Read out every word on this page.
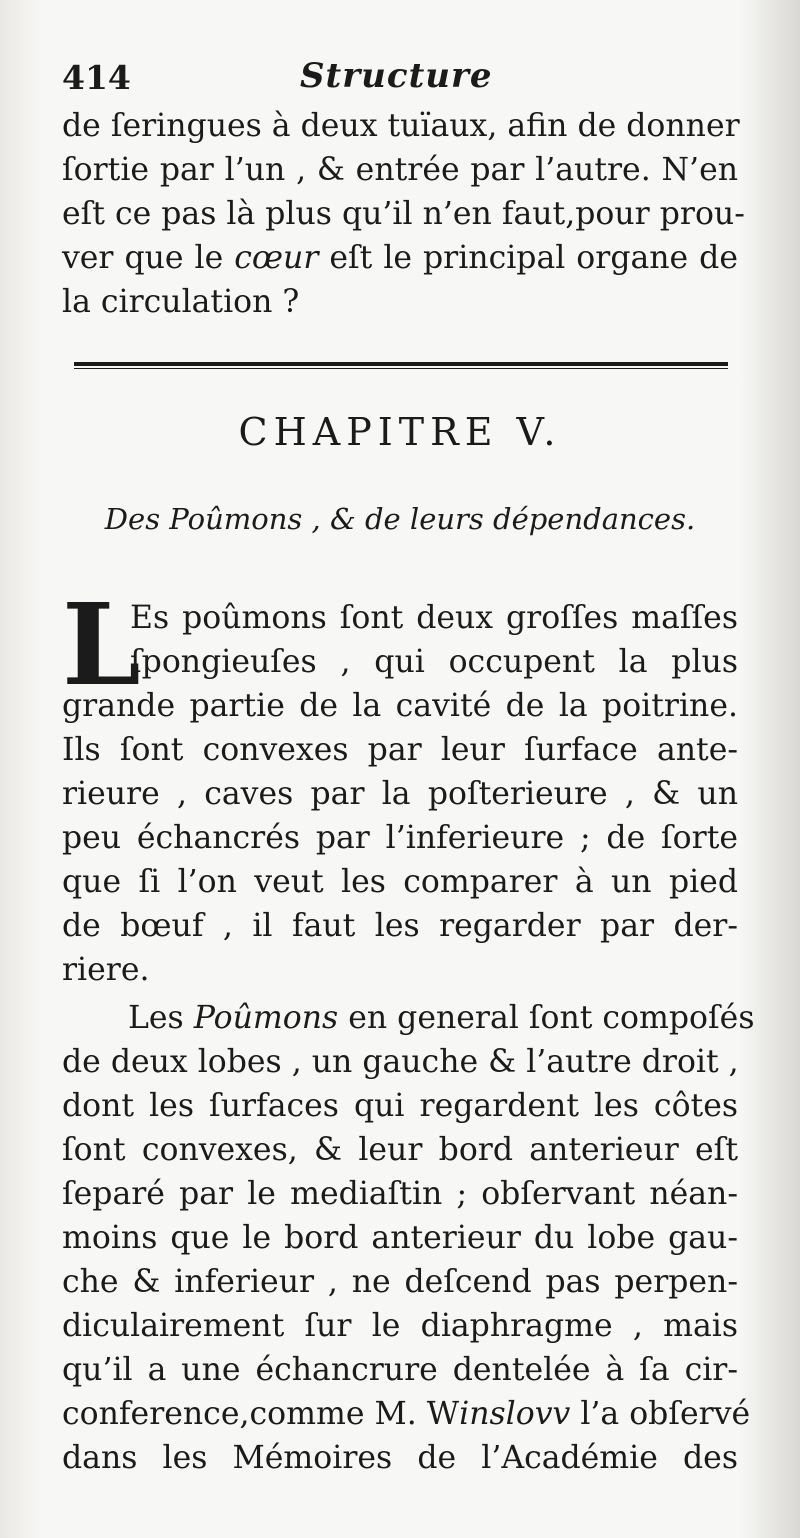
414	Structure
de ſeringues à deux tuïaux, afin de donner
ſortie par l’un , & entrée par l’autre. N’en
eſt ce pas là plus qu’il n’en faut,pour prou-
ver que le cœur eſt le principal organe de
la circulation ?
CHAPITRE V.
Des Poûmons , & de leurs dépendances.
L
Es poûmons ſont deux groſſes maſſes
ſpongieuſes , qui occupent la plus
grande partie de la cavité de la poitrine.
Ils ſont convexes par leur ſurface ante-
rieure , caves par la poſterieure , & un
peu échancrés par l’inferieure ; de ſorte
que ſi l’on veut les comparer à un pied
de bœuf , il faut les regarder par der-
riere.
Les Poûmons en general ſont compoſés
de deux lobes , un gauche & l’autre droit ,
dont les ſurfaces qui regardent les côtes
ſont convexes, & leur bord anterieur eſt
ſeparé par le mediaſtin ; obſervant néan-
moins que le bord anterieur du lobe gau-
che & inferieur , ne deſcend pas perpen-
diculairement ſur le diaphragme , mais
qu’il a une échancrure dentelée à ſa cir-
conference,comme M. Winslovv l’a obſervé
dans les Mémoires de l’Académie des
